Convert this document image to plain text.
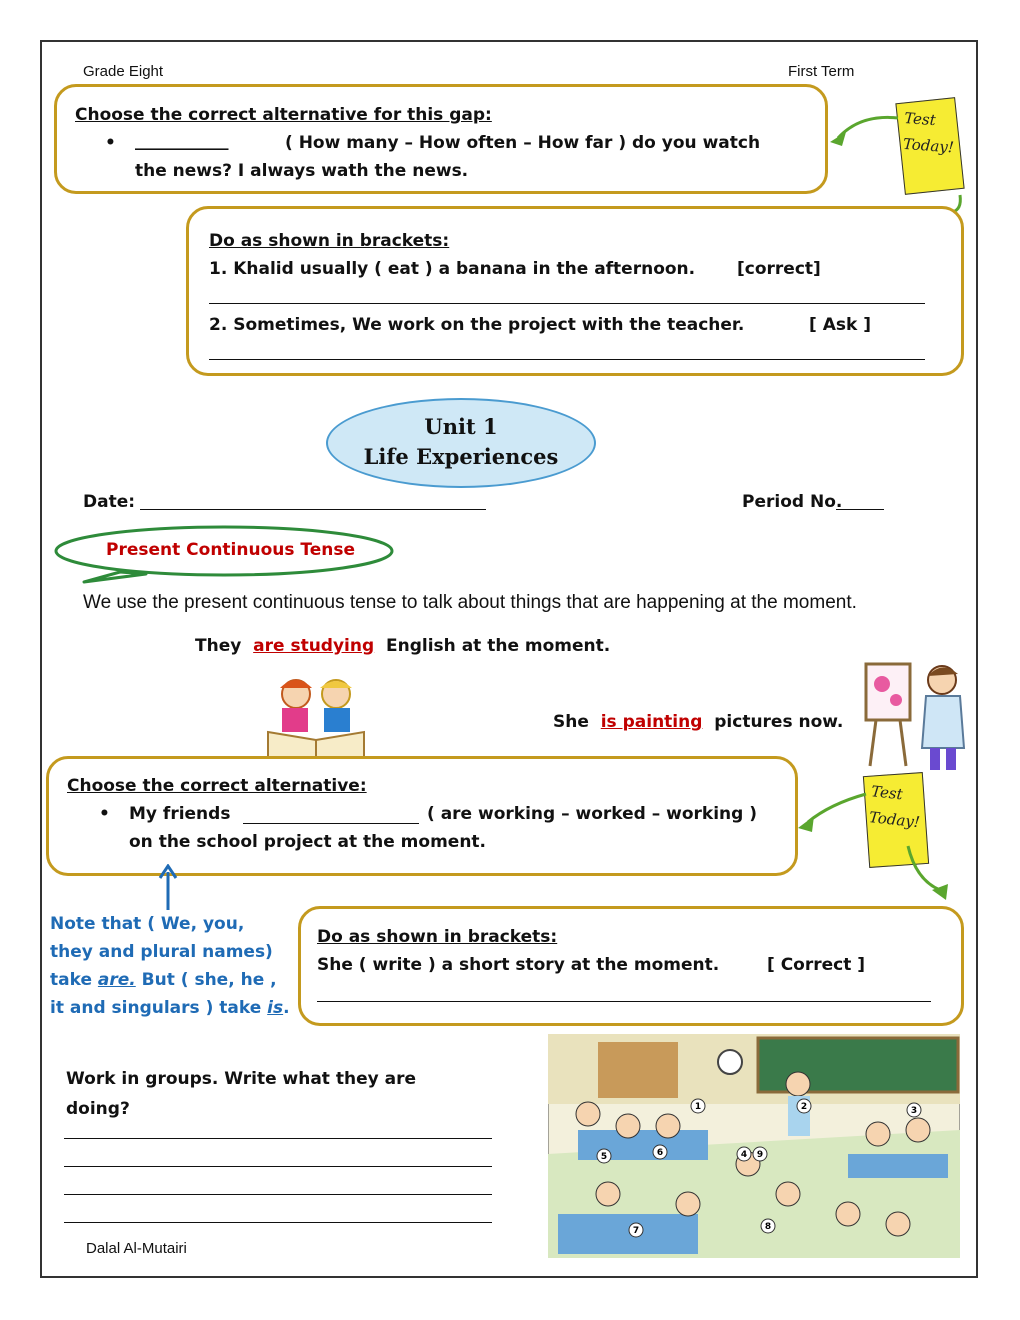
Grade Eight	First Term
Choose the correct alternative for this gap:
• ___________	( How many – How often – How far ) do you watch
the news? I always wath the news.
Test
Today!
Do as shown in brackets:
1. Khalid usually ( eat ) a banana in the afternoon. [correct]
2. Sometimes, We work on the project with the teacher.	[ Ask ]
Unit 1
Life Experiences
Date:	Period No.
Present Continuous Tense
We use the present continuous tense to talk about things that are happening at the moment.
They are studying English at the moment.
She is painting pictures now.
Choose the correct alternative:
• My friends	( are working – worked – working )
on the school project at the moment.
Test
Today!
Note that ( We, you,
they and plural names)
take are. But ( she, he ,
it and singulars ) take is.
Do as shown in brackets:
She ( write ) a short story at the moment.	[ Correct ]
Work in groups. Write what they are
doing?	1	2	3
4
5	6
7	8
9
Dalal Al-Mutairi
